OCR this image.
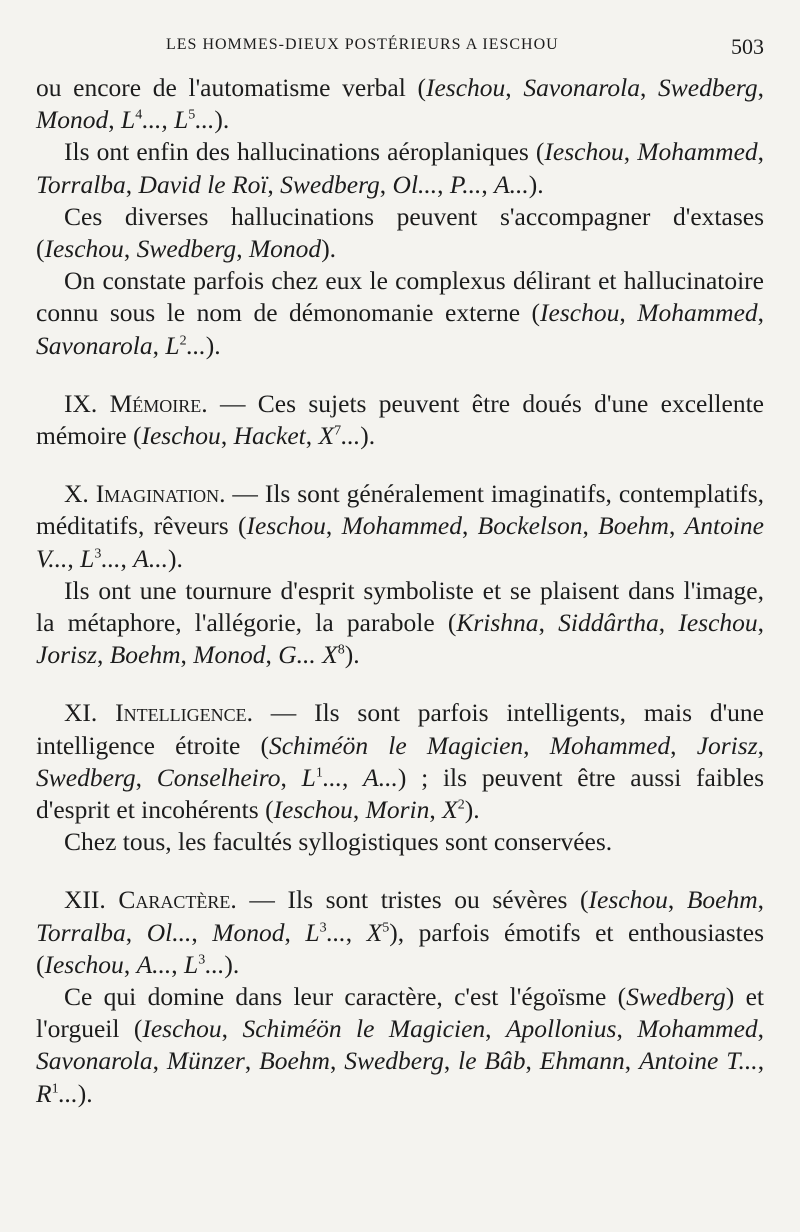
LES HOMMES-DIEUX POSTÉRIEURS A IESCHOU	503

ou encore de l'automatisme verbal (Ieschou, Savonarola, Swedberg, Monod, $L^4$..., $L^5$...).

Ils ont enfin des hallucinations aéroplaniques (Ieschou, Mohammed, Torralba, David le Roï, Swedberg, Ol..., P..., A...).

Ces diverses hallucinations peuvent s'accompagner d'extases (Ieschou, Swedberg, Monod).

On constate parfois chez eux le complexus délirant et hallucinatoire connu sous le nom de démonomanie externe (Ieschou, Mohammed, Savonarola, $L^2$...).

IX. Mémoire. — Ces sujets peuvent être doués d'une excellente mémoire (Ieschou, Hacket, $X^7$...).

X. Imagination. — Ils sont généralement imaginatifs, contemplatifs, méditatifs, rêveurs (Ieschou, Mohammed, Bockelson, Boehm, Antoine V..., $L^3$..., A...).

Ils ont une tournure d'esprit symboliste et se plaisent dans l'image, la métaphore, l'allégorie, la parabole (Krishna, Siddârtha, Ieschou, Jorisz, Boehm, Monod, G... $X^8$).

XI. Intelligence. — Ils sont parfois intelligents, mais d'une intelligence étroite (Schiméön le Magicien, Mohammed, Jorisz, Swedberg, Conselheiro, $L^1$..., A...) ; ils peuvent être aussi faibles d'esprit et incohérents (Ieschou, Morin, $X^2$).

Chez tous, les facultés syllogistiques sont conservées.

XII. Caractère. — Ils sont tristes ou sévères (Ieschou, Boehm, Torralba, Ol..., Monod, $L^3$..., $X^5$), parfois émotifs et enthousiastes (Ieschou, A..., $L^3$...).

Ce qui domine dans leur caractère, c'est l'égoïsme (Swedberg) et l'orgueil (Ieschou, Schiméön le Magicien, Apollonius, Mohammed, Savonarola, Münzer, Boehm, Swedberg, le Bâb, Ehmann, Antoine T..., $R^1$...).
